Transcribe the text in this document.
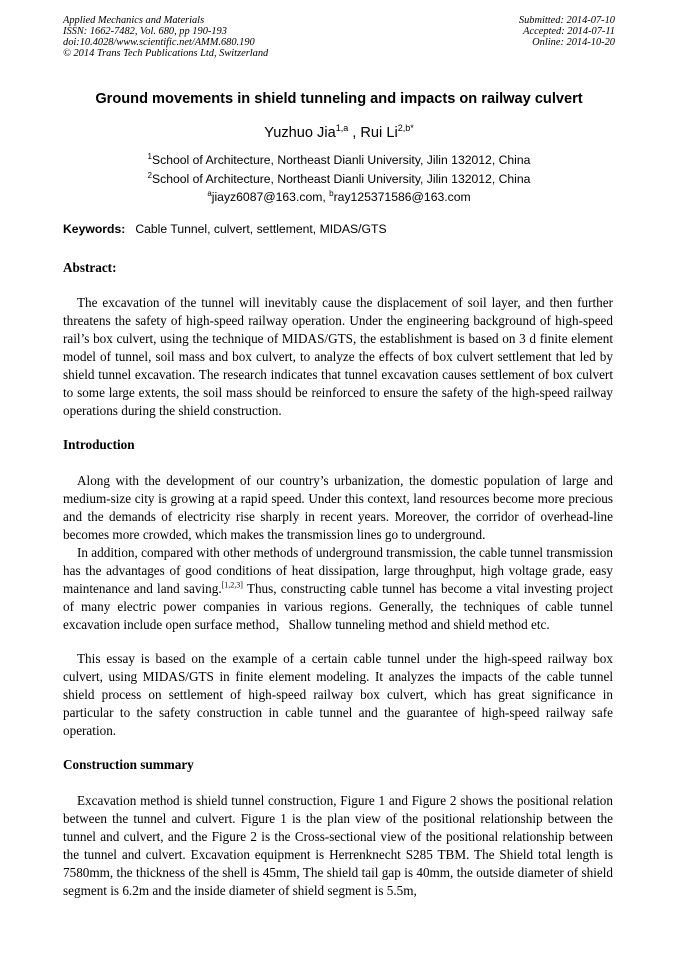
Applied Mechanics and Materials
ISSN: 1662-7482, Vol. 680, pp 190-193
doi:10.4028/www.scientific.net/AMM.680.190
© 2014 Trans Tech Publications Ltd, Switzerland
Submitted: 2014-07-10
Accepted: 2014-07-11
Online: 2014-10-20
Ground movements in shield tunneling and impacts on railway culvert
Yuzhuo Jia$^{1,a}$ , Rui $Li^{2,b*}$
$^1$School of Architecture, Northeast Dianli University, Jilin 132012, China
$^2$School of Architecture, Northeast Dianli University, Jilin 132012, China
$^a$jiayz6087@163.com, $^b$ray125371586@163.com
Keywords: Cable Tunnel, culvert, settlement, MIDAS/GTS
Abstract:

The excavation of the tunnel will inevitably cause the displacement of soil layer, and then further threatens the safety of high-speed railway operation. Under the engineering background of high-speed rail’s box culvert, using the technique of MIDAS/GTS, the establishment is based on 3 d finite element model of tunnel, soil mass and box culvert, to analyze the effects of box culvert settlement that led by shield tunnel excavation. The research indicates that tunnel excavation causes settlement of box culvert to some large extents, the soil mass should be reinforced to ensure the safety of the high-speed railway operations during the shield construction.

Introduction

Along with the development of our country’s urbanization, the domestic population of large and medium-size city is growing at a rapid speed. Under this context, land resources become more precious and the demands of electricity rise sharply in recent years. Moreover, the corridor of overhead-line becomes more crowded, which makes the transmission lines go to underground.

In addition, compared with other methods of underground transmission, the cable tunnel transmission has the advantages of good conditions of heat dissipation, large throughput, high voltage grade, easy maintenance and land saving.[1,2,3] Thus, constructing cable tunnel has become a vital investing project of many electric power companies in various regions. Generally, the techniques of cable tunnel excavation include open surface method，Shallow tunneling method and shield method etc.

This essay is based on the example of a certain cable tunnel under the high-speed railway box culvert, using MIDAS/GTS in finite element modeling. It analyzes the impacts of the cable tunnel shield process on settlement of high-speed railway box culvert, which has great significance in particular to the safety construction in cable tunnel and the guarantee of high-speed railway safe operation.

Construction summary

Excavation method is shield tunnel construction, Figure 1 and Figure 2 shows the positional relation between the tunnel and culvert. Figure 1 is the plan view of the positional relationship between the tunnel and culvert, and the Figure 2 is the Cross-sectional view of the positional relationship between the tunnel and culvert. Excavation equipment is Herrenknecht S285 TBM. The Shield total length is 7580mm, the thickness of the shell is 45mm, The shield tail gap is 40mm, the outside diameter of shield segment is 6.2m and the inside diameter of shield segment is 5.5m,
